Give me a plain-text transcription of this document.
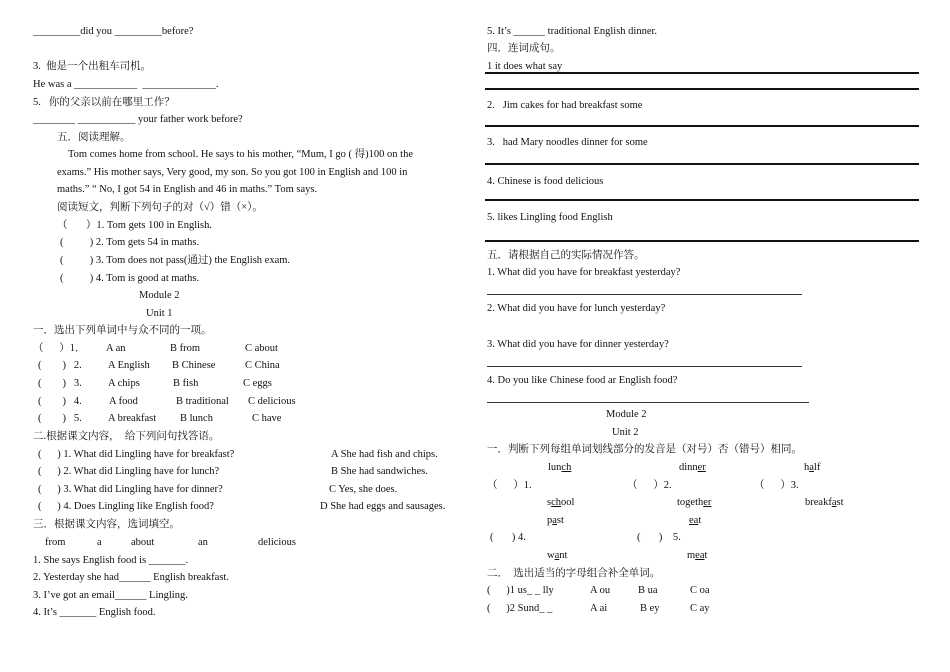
_________did you _________before?
3.  他是一个出租车司机。
He was a ____________  ______________.
5.   你的父亲以前在哪里工作？
________ ___________ your father work before?
五．阅读理解。
Tom comes home from school. He says to his mother, “Mum, I go ( 得)100 on the
exams.” His mother says, Very good, my son. So you got 100 in English and 100 in
maths.” “ No, I got 54 in English and 46 in maths.” Tom says.
阅读短文，判断下列句子的对（√）错（×）。
（       ）1. Tom gets 100 in English.
(          ) 2. Tom gets 54 in maths.
(          ) 3. Tom does not pass(通过) the English exam.
(          ) 4. Tom is good at maths.
Module 2
Unit 1
一．选出下列单词中与众不同的一项。
（      ）1． A an	B from	C about
(        )   2.	A English B Chinese	C China
(        )   3.	A chips	B fish	C eggs
(        )   4.	A food	B traditional C delicious
(        )   5.	A breakfast B lunch	C have
二.根据课文内容，  给下列问句找答语。
(      ) 1. What did Lingling have for breakfast?	A She had fish and chips.
(      ) 2. What did Lingling have for lunch?	B She had sandwiches.
(      ) 3. What did Lingling have for dinner?	C Yes, she does.
(      ) 4. Does Lingling like English food?	D She had eggs and sausages.
三．根据课文内容，选词填空。
from	a	about	an	delicious
1. She says English food is _______.
2. Yesterday she had______ English breakfast.
3. I’ve got an email______ Lingling.
4. It’s _______ English food.
5. It’s ______ traditional English dinner.
四．连词成句。
1 it does what say
2.   Jim cakes for had breakfast some
3.   had Mary noodles dinner for some
4. Chinese is food delicious
5. likes Lingling food English
五．请根据自己的实际情况作答。
1. What did you have for breakfast yesterday?
2. What did you have for lunch yesterday?
3. What did you have for dinner yesterday?
4. Do you like Chinese food ar English food?
Module 2
Unit 2
一．判断下列每组单词划线部分的发音是（对号）否（错号）相同。
lunch	dinner	half
（      ）1.	（      ）2.	（      ）3.
school	together	breakfast
past	eat
(       ) 4.	(       )    5.
want	meat
二．  选出适当的字母组合补全单词。
(      )1 us_ _ lly	A ou	B ua	C oa
(      )2 Sund_ _	A ai	B ey	C ay
